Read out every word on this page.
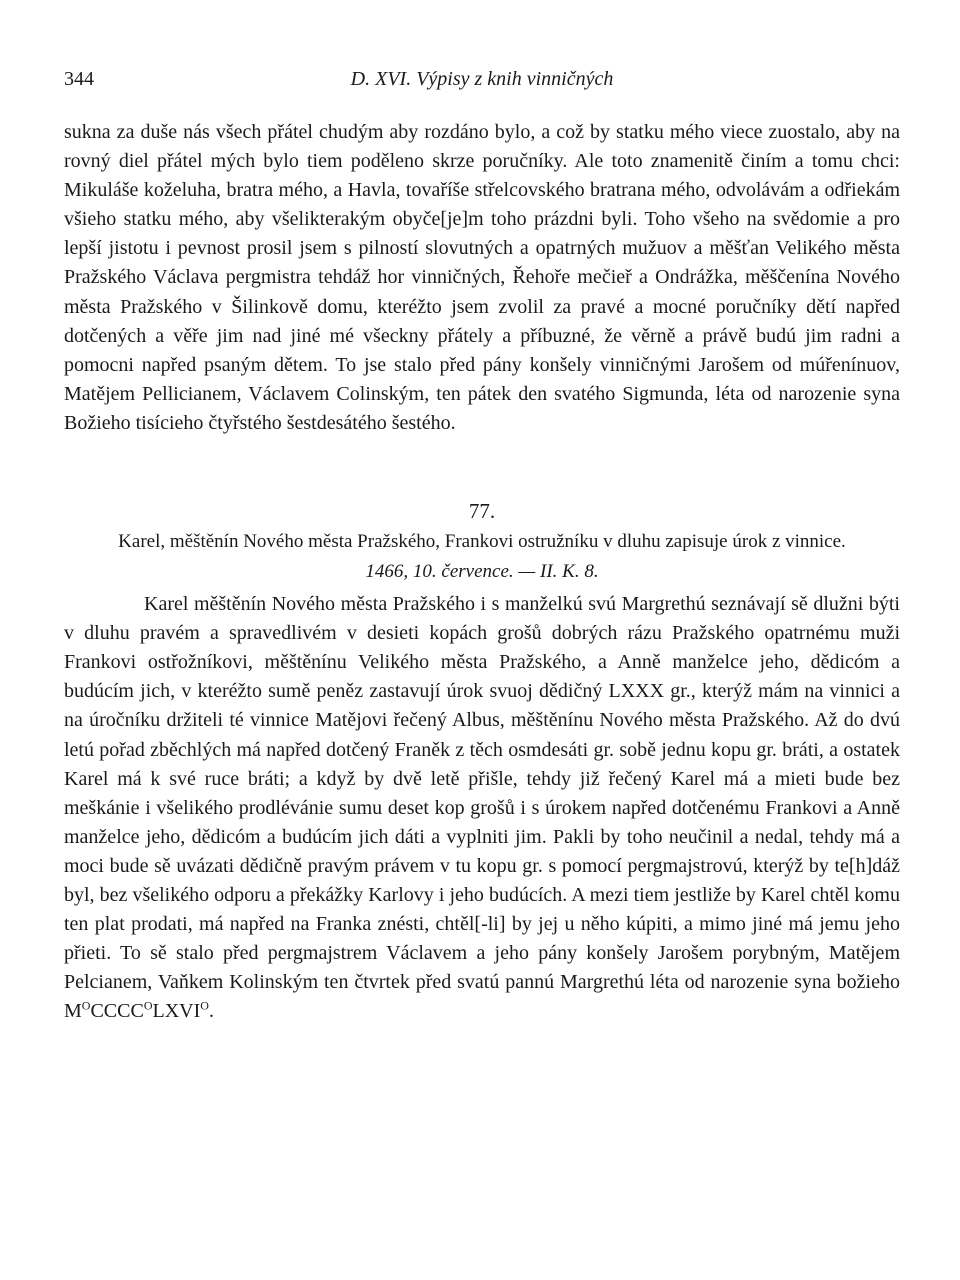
344	D. XVI. Výpisy z knih vinničných

sukna za duše nás všech přátel chudým aby rozdáno bylo, a což by statku mého viece zuostalo, aby na rovný diel přátel mých bylo tiem poděleno skrze poručníky. Ale toto znamenitě činím a tomu chci: Mikuláše koželuha, bratra mého, a Havla, tovaříše střelcovského bratrana mého, odvolávám a odřiekám všieho statku mého, aby všelikterakým obyče[je]m toho prázdni byli. Toho všeho na svědomie a pro lepší jistotu i pevnost prosil jsem s pilností slovutných a opatrných mužuov a měšťan Velikého města Pražského Václava pergmistra tehdáž hor vinničných, Řehoře mečieř a Ondrážka, měščenína Nového města Pražského v Šilinkově domu, kteréžto jsem zvolil za pravé a mocné poručníky dětí napřed dotčených a věře jim nad jiné mé všeckny přátely a příbuzné, že věrně a právě budú jim radni a pomocni napřed psaným dětem. To jse stalo před pány konšely vinničnými Jarošem od múřenínuov, Matějem Pellicianem, Václavem Colinským, ten pátek den svatého Sigmunda, léta od narozenie syna Božieho tisícieho čtyřstého šestdesátého šestého.

77.
Karel, měštěnín Nového města Pražského, Frankovi ostružníku v dluhu zapisuje úrok z vinnice.
1466, 10. července. — II. K. 8.

Karel měštěnín Nového města Pražského i s manželkú svú Margrethú seznávají sě dlužni býti v dluhu pravém a spravedlivém v desieti kopách grošů dobrých rázu Pražského opatrnému muži Frankovi ostřožníkovi, měštěnínu Velikého města Pražského, a Anně manželce jeho, dědicóm a budúcím jich, v kteréžto sumě peněz zastavují úrok svuoj dědičný LXXX gr., kterýž mám na vinnici a na úročníku držiteli té vinnice Matějovi řečený Albus, měštěnínu Nového města Pražského. Až do dvú letú pořad zběchlých má napřed dotčený Franěk z těch osmdesáti gr. sobě jednu kopu gr. bráti, a ostatek Karel má k své ruce bráti; a když by dvě letě přišle, tehdy již řečený Karel má a mieti bude bez meškánie i všelikého prodlévánie sumu deset kop grošů i s úrokem napřed dotčenému Frankovi a Anně manželce jeho, dědicóm a budúcím jich dáti a vyplniti jim. Pakli by toho neučinil a nedal, tehdy má a moci bude sě uvázati dědičně pravým právem v tu kopu gr. s pomocí pergmajstrovú, kterýž by te[h]dáž byl, bez všelikého odporu a překážky Karlovy i jeho budúcích. A mezi tiem jestliže by Karel chtěl komu ten plat prodati, má napřed na Franka znésti, chtěl[-li] by jej u něho kúpiti, a mimo jiné má jemu jeho přieti. To sě stalo před pergmajstrem Václavem a jeho pány konšely Jarošem porybným, Matějem Pelcianem, Vaňkem Kolinským ten čtvrtek před svatú pannú Margrethú léta od narozenie syna božieho $M^OCCCC^OLXVI^O$.
